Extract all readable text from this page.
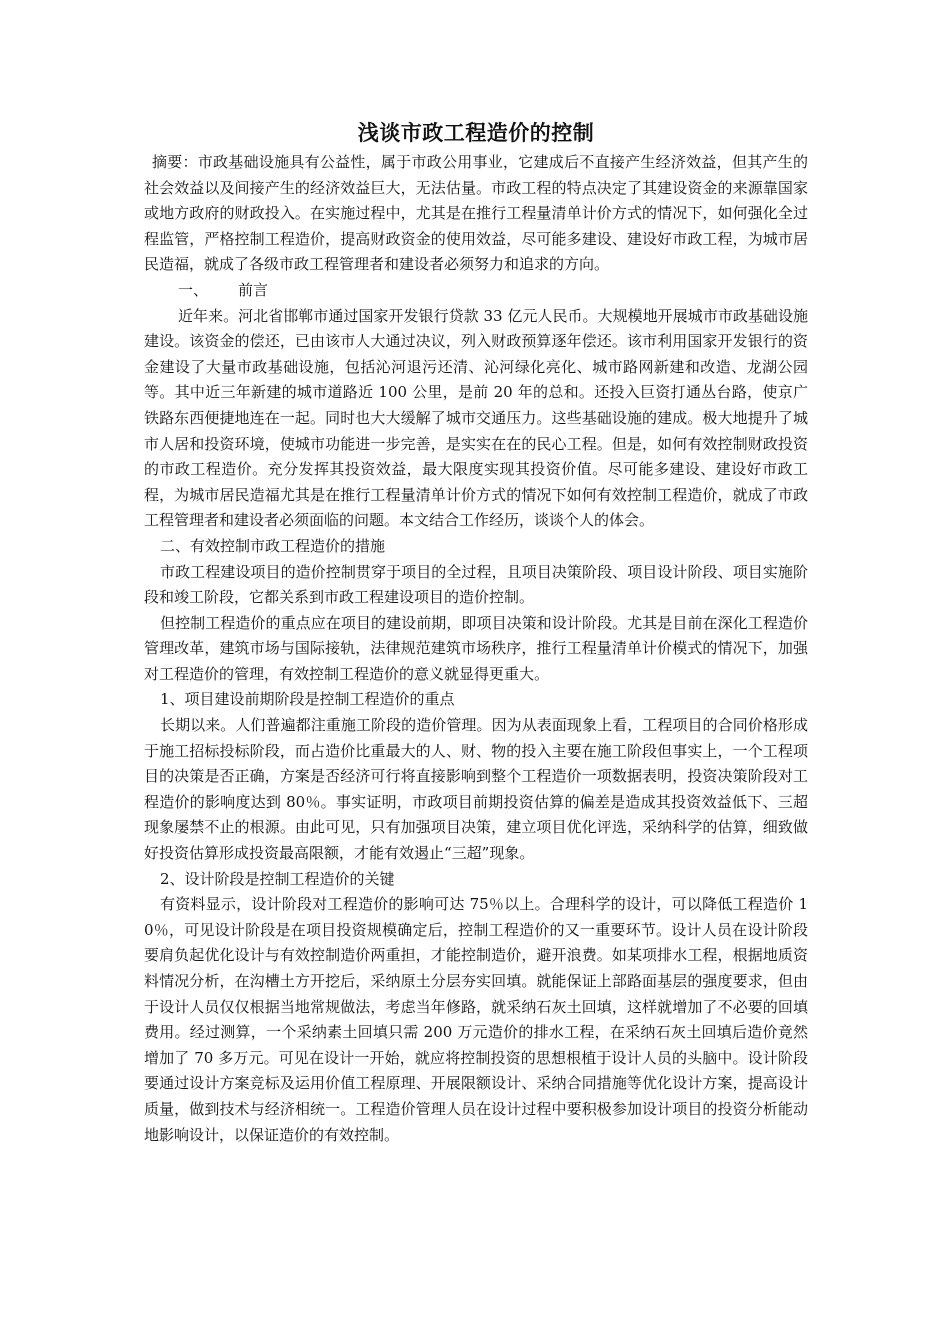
浅谈市政工程造价的控制

摘要：市政基础设施具有公益性，属于市政公用事业，它建成后不直接产生经济效益，但其产生的社会效益以及间接产生的经济效益巨大，无法估量。市政工程的特点决定了其建设资金的来源靠国家或地方政府的财政投入。在实施过程中，尤其是在推行工程量清单计价方式的情况下，如何强化全过程监管，严格控制工程造价，提高财政资金的使用效益，尽可能多建设、建设好市政工程，为城市居民造福，就成了各级市政工程管理者和建设者必须努力和追求的方向。

一、 前言

近年来。河北省邯郸市通过国家开发银行贷款 33 亿元人民币。大规模地开展城市市政基础设施建设。该资金的偿还，已由该市人大通过决议，列入财政预算逐年偿还。该市利用国家开发银行的资金建设了大量市政基础设施，包括沁河退污还清、沁河绿化亮化、城市路网新建和改造、龙湖公园等。其中近三年新建的城市道路近 100 公里，是前 20 年的总和。还投入巨资打通丛台路，使京广铁路东西便捷地连在一起。同时也大大缓解了城市交通压力。这些基础设施的建成。极大地提升了城市人居和投资环境，使城市功能进一步完善，是实实在在的民心工程。但是，如何有效控制财政投资的市政工程造价。充分发挥其投资效益，最大限度实现其投资价值。尽可能多建设、建设好市政工程，为城市居民造福尤其是在推行工程量清单计价方式的情况下如何有效控制工程造价，就成了市政工程管理者和建设者必须面临的问题。本文结合工作经历，谈谈个人的体会。

二、有效控制市政工程造价的措施

市政工程建设项目的造价控制贯穿于项目的全过程，且项目决策阶段、项目设计阶段、项目实施阶段和竣工阶段，它都关系到市政工程建设项目的造价控制。

但控制工程造价的重点应在项目的建设前期，即项目决策和设计阶段。尤其是目前在深化工程造价管理改革，建筑市场与国际接轨，法律规范建筑市场秩序，推行工程量清单计价模式的情况下，加强对工程造价的管理，有效控制工程造价的意义就显得更重大。

1、项目建设前期阶段是控制工程造价的重点

长期以来。人们普遍都注重施工阶段的造价管理。因为从表面现象上看，工程项目的合同价格形成于施工招标投标阶段，而占造价比重最大的人、财、物的投入主要在施工阶段但事实上，一个工程项目的决策是否正确，方案是否经济可行将直接影响到整个工程造价一项数据表明，投资决策阶段对工程造价的影响度达到 80％。事实证明，市政项目前期投资估算的偏差是造成其投资效益低下、三超现象屡禁不止的根源。由此可见，只有加强项目决策，建立项目优化评选，采纳科学的估算，细致做好投资估算形成投资最高限额，才能有效遏止“三超”现象。

2、设计阶段是控制工程造价的关键

有资料显示，设计阶段对工程造价的影响可达 75％以上。合理科学的设计，可以降低工程造价 10％，可见设计阶段是在项目投资规模确定后，控制工程造价的又一重要环节。设计人员在设计阶段要肩负起优化设计与有效控制造价两重担，才能控制造价，避开浪费。如某项排水工程，根据地质资料情况分析，在沟槽土方开挖后，采纳原土分层夯实回填。就能保证上部路面基层的强度要求，但由于设计人员仅仅根据当地常规做法，考虑当年修路，就采纳石灰土回填，这样就增加了不必要的回填费用。经过测算，一个采纳素土回填只需 200 万元造价的排水工程，在采纳石灰土回填后造价竟然增加了 70 多万元。可见在设计一开始，就应将控制投资的思想根植于设计人员的头脑中。设计阶段要通过设计方案竞标及运用价值工程原理、开展限额设计、采纳合同措施等优化设计方案，提高设计质量，做到技术与经济相统一。工程造价管理人员在设计过程中要积极参加设计项目的投资分析能动地影响设计，以保证造价的有效控制。
